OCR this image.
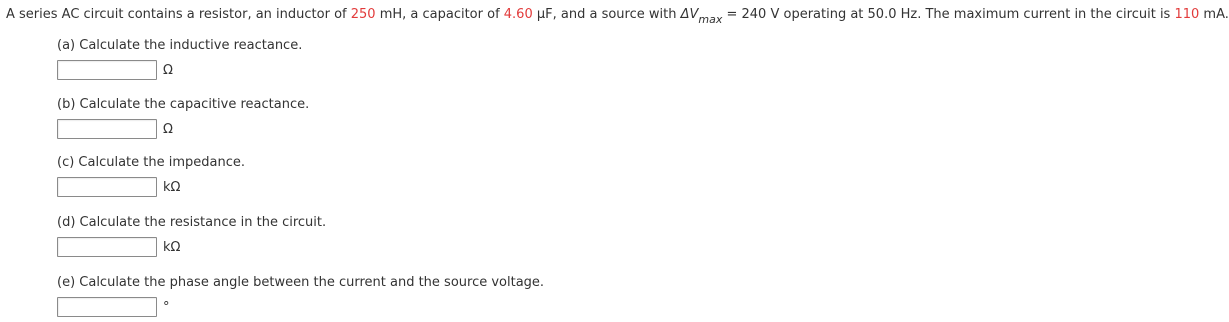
A series AC circuit contains a resistor, an inductor of 250 mH, a capacitor of 4.60 µF, and a source with $\Delta V_{max} = 240$ V operating at 50.0 Hz. The maximum current in the circuit is 110 mA.
(a) Calculate the inductive reactance.
Ω
(b) Calculate the capacitive reactance.
Ω
(c) Calculate the impedance.
kΩ
(d) Calculate the resistance in the circuit.
kΩ
(e) Calculate the phase angle between the current and the source voltage.
°
